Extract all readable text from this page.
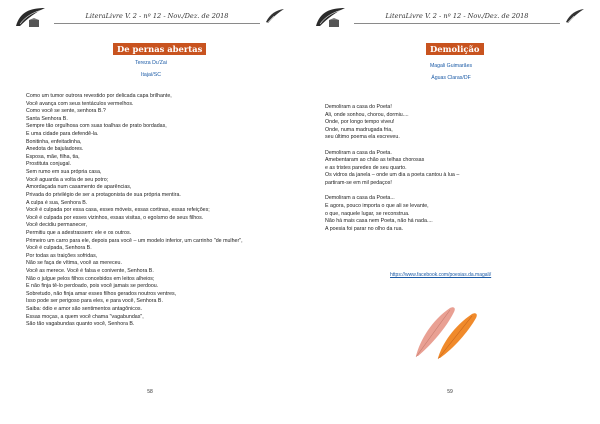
LiteraLivre V. 2 - nº 12 - Nov./Dez. de 2018
De pernas abertas
Tereza Du'Zai
Itajaí/SC
Como um tumor outrora revestido por delicada capa brilhante,
Você avança com seus tentáculos vermelhos.
Como você se sente, senhora B.?
Santa Senhora B.
Sempre tão orgulhosa com suas toalhas de prato bordadas,
E uma cidade para defendê-la.
Bonitinha, enfeitadinha,
Anedota de bajuladores.
Esposa, mãe, filha, tia,
Prostituta conjugal.
Sem rumo em sua própria casa,
Você aguarda a volta de seu potro;
Amordaçada num casamento de aparências,
Privada do privilégio de ser a protagonista de sua própria mentira.
A culpa é sua, Senhora B.
Você é culpada por essa casa, esses móveis, essas cortinas, essas refeições;
Você é culpada por esses vizinhos, essas visitas, o egoísmo de seus filhos.
Você decidiu permanecer,
Permitiu que a adestrassem: ele e os outros.
Primeiro um carro para ele, depois para você – um modelo inferior, um carrinho "de mulher",
Você é culpada, Senhora B.
Por todas as traições sofridas,
Não se faça de vítima, você as mereceu.
Você as merece. Você é falsa e conivente, Senhora B.
Não o julgue pelos filhos concebidos em leitos alheios;
E não finja tê-lo perdoado, pois você jamais se perdoou.
Sobretudo, não finja amar esses filhos gerados noutros ventres,
Isso pode ser perigoso para eles, e para você, Senhora B.
Saiba: ódio e amor são sentimentos antagônicos.
Essas moças, a quem você chama "vagabundas",
São tão vagabundas quanto você, Senhora B.
58
LiteraLivre V. 2 - nº 12 - Nov./Dez. de 2018
Demolição
Magali Guimarães
Águas Claras/DF
Demoliram a casa do Poeta!
Ali, onde sonhou, chorou, dormiu....
Onde, por longo tempo viveu!
Onde, numa madrugada fria,
seu último poema ela escreveu.
Demoliram a casa da Poeta.
Amebentaram ao chão as telhas chorosas
e as tristes paredes de seu quarto.
Os vidros da janela – onde um dia a poeta cantou à lua –
partiram-se em mil pedaços!
Demoliram a casa da Poeta...
E agora, pouco importa o que ali se levante,
o que, naquele lugar, se reconstrua.
Não há mais casa nem Poeta, não há nada....
A poesia foi parar no olho da rua.
https://www.facebook.com/poesias.da.magali/
59
